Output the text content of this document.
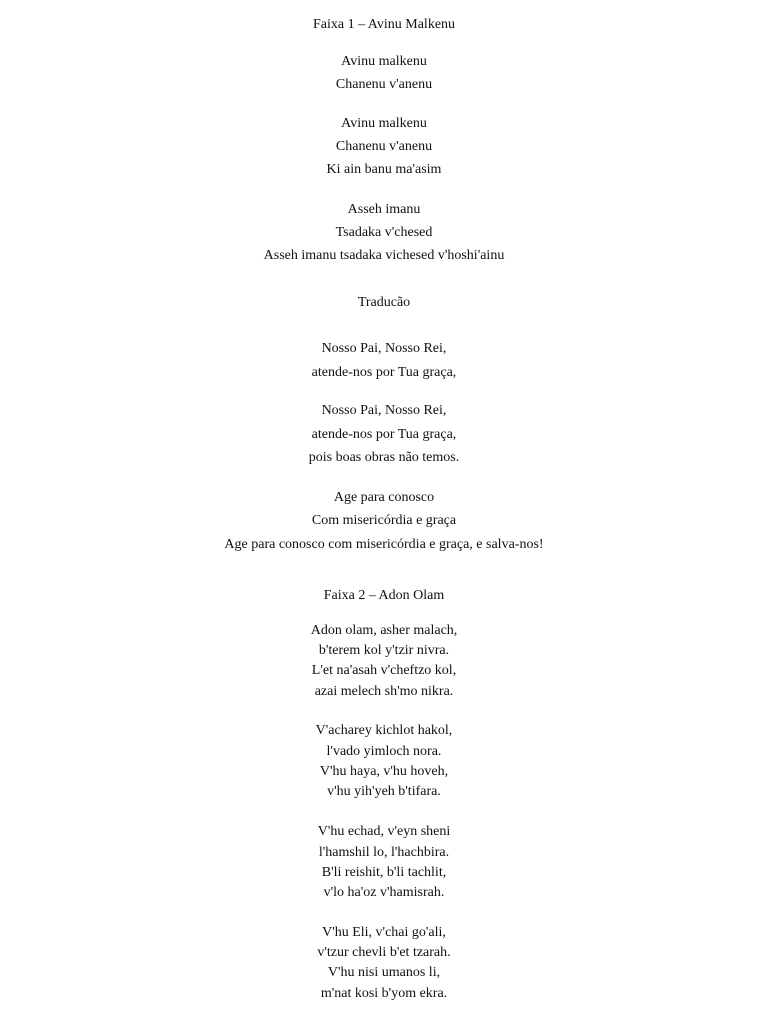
Faixa 1 – Avinu Malkenu
Avinu malkenu
Chanenu v'anenu
Avinu malkenu
Chanenu v'anenu
Ki ain banu ma'asim
Asseh imanu
Tsadaka v'chesed
Asseh imanu tsadaka vichesed v'hoshi'ainu
Traducão
Nosso Pai, Nosso Rei,
atende-nos por Tua graça,
Nosso Pai, Nosso Rei,
atende-nos por Tua graça,
pois boas obras não temos.
Age para conosco
Com misericórdia e graça
Age para conosco com misericórdia e graça, e salva-nos!
Faixa 2 – Adon Olam
Adon olam, asher malach,
b'terem kol y'tzir nivra.
L'et na'asah v'cheftzo kol,
azai melech sh'mo nikra.
V'acharey kichlot hakol,
l'vado yimloch nora.
V'hu haya, v'hu hoveh,
v'hu yih'yeh b'tifara.
V'hu echad, v'eyn sheni
l'hamshil lo, l'hachbira.
B'li reishit, b'li tachlit,
v'lo ha'oz v'hamisrah.
V'hu Eli, v'chai go'ali,
v'tzur chevli b'et tzarah.
V'hu nisi umanos li,
m'nat kosi b'yom ekra.
